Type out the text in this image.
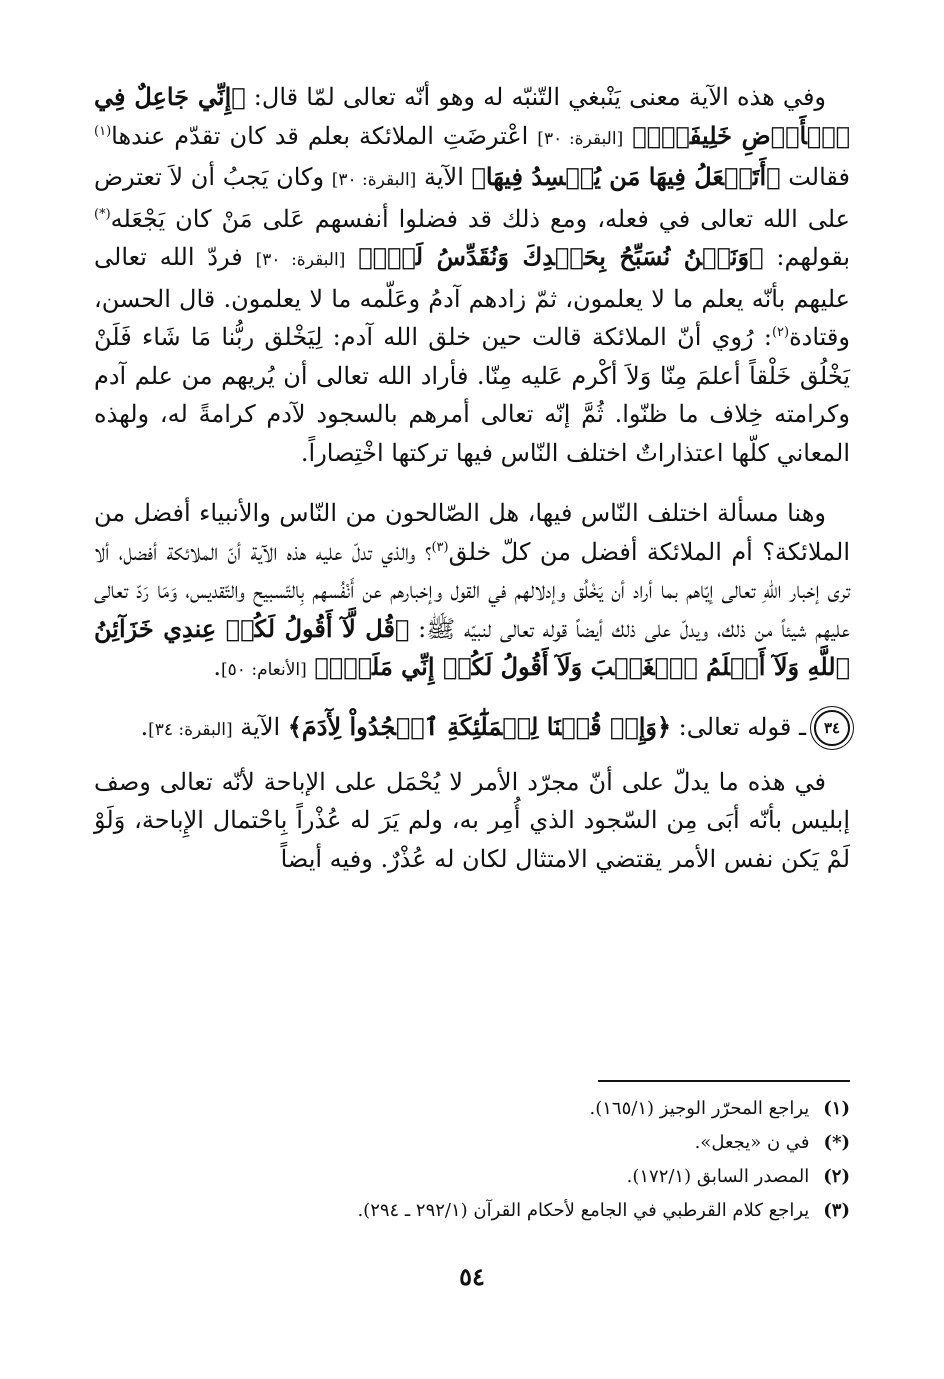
وفي هذه الآية معنى يَنْبغي التّنبّه له وهو أنّه تعالى لمّا قال: ﴿إِنِّي جَاعِلٌ فِي ٱلۡأَرۡضِ خَلِيفَةٗۖ﴾ [البقرة: ٣٠] اعْترضَتِ الملائكة بعلم قد كان تقدّم عندها$^{(١)}$ فقالت ﴿أَتَجۡعَلُ فِيهَا مَن يُفۡسِدُ فِيهَا﴾ الآية [البقرة: ٣٠] وكان يَجبُ أن لاَ تعترض على الله تعالى في فعله، ومع ذلك قد فضلوا أنفسهم عَلى مَنْ كان يَجْعَله(*) بقولهم: ﴿وَنَحۡنُ نُسَبِّحُ بِحَمۡدِكَ وَنُقَدِّسُ لَكَۖ﴾ [البقرة: ٣٠] فردّ الله تعالى عليهم بأنّه يعلم ما لا يعلمون، ثمّ زادهم آدمُ وعَلّمه ما لا يعلمون. قال الحسن، وقتادة$^{(٢)}$: رُوي أنّ الملائكة قالت حين خلق الله آدم: لِيَخْلق ربُّنا مَا شَاء فَلَنْ يَخْلُق خَلْقاً أعلمَ مِنّا وَلاَ أكْرم عَليه مِنّا. فأراد الله تعالى أن يُريهم من علم آدم وكرامته خِلاف ما ظنّوا. ثُمَّ إنّه تعالى أمرهم بالسجود لآدم كرامةً له، ولهذه المعاني كلّها اعتذاراتٌ اختلف النّاس فيها تركتها اخْتِصاراً.

وهنا مسألة اختلف النّاس فيها، هل الصّالحون من النّاس والأنبياء أفضل من الملائكة؟ أم الملائكة أفضل من كلّ خلق$^{(٣)}$؟ والذي تدلّ عليه هذه الآية أنّ الملائكة أفضل، ألا ترى إخبار اللّهِ تعالى إيّاهم بما أراد أن يَخْلُق وإدلالهم في القول وإخبارهم عن أَنْفُسهم بِالتّسبيح والتّقديس، وَمَا رَدّ تعالى عليهم شيئاً من ذلك، ويدلّ على ذلك أيضاً قوله تعالى لنبيّه ﷺ: ﴿قُل لَّآ أَقُولُ لَكُمۡ عِندِي خَزَآئِنُ ٱللَّهِ وَلَآ أَعۡلَمُ ٱلۡغَيۡبَ وَلَآ أَقُولُ لَكُمۡ إِنِّي مَلَكٌۖ﴾ [الأنعام: ٥٠].

٣٤
ـ قوله تعالى: ﴿وَإِذۡ قُلۡنَا لِلۡمَلَٰٓئِكَةِ ٱسۡجُدُواْ لِأٓدَمَ﴾ الآية [البقرة: ٣٤].

في هذه ما يدلّ على أنّ مجرّد الأمر لا يُحْمَل على الإباحة لأنّه تعالى وصف إبليس بأنّه أبَى مِن السّجود الذي أُمِر به، ولم يَرَ له عُذْراً بِاحْتمال الإِباحة، وَلَوْ لَمْ يَكن نفس الأمر يقتضي الامتثال لكان له عُذْرٌ. وفيه أيضاً

(١)
يراجع المحرّر الوجيز (١٦٥/١).
(*)
في ن «يجعل».
(٢)
المصدر السابق (١٧٢/١).
(٣)
يراجع كلام القرطبي في الجامع لأحكام القرآن (٢٩٢/١ ـ ٢٩٤).
٥٤
